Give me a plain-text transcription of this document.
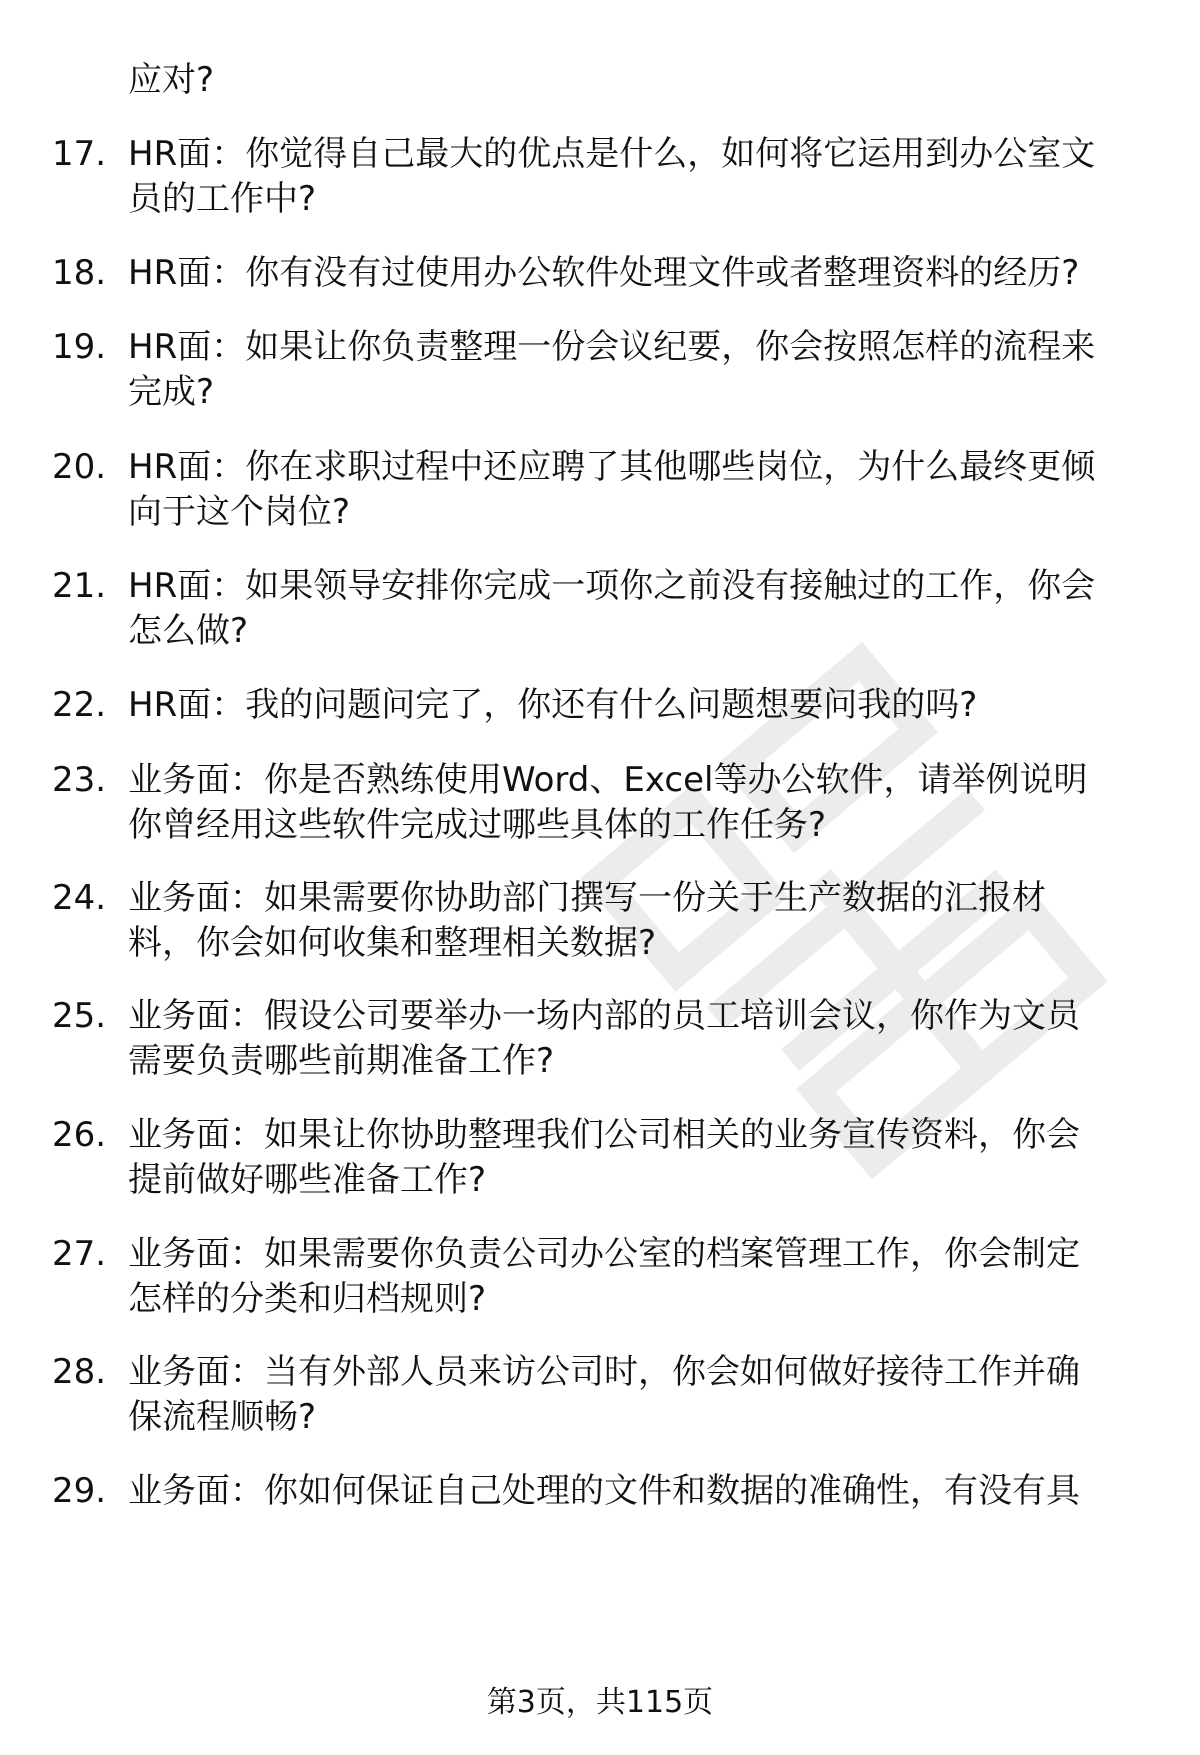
应对?
17. HR面：你觉得自己最大的优点是什么，如何将它运用到办公室文
员的工作中?
18. HR面：你有没有过使用办公软件处理文件或者整理资料的经历?
19. HR面：如果让你负责整理一份会议纪要，你会按照怎样的流程来
完成?
20. HR面：你在求职过程中还应聘了其他哪些岗位，为什么最终更倾
向于这个岗位?
21. HR面：如果领导安排你完成一项你之前没有接触过的工作，你会
怎么做?
22. HR面：我的问题问完了，你还有什么问题想要问我的吗?
23. 业务面：你是否熟练使用Word、Excel等办公软件，请举例说明
你曾经用这些软件完成过哪些具体的工作任务?
24. 业务面：如果需要你协助部门撰写一份关于生产数据的汇报材
料，你会如何收集和整理相关数据?
25. 业务面：假设公司要举办一场内部的员工培训会议，你作为文员
需要负责哪些前期准备工作?
26. 业务面：如果让你协助整理我们公司相关的业务宣传资料，你会
提前做好哪些准备工作?
27. 业务面：如果需要你负责公司办公室的档案管理工作，你会制定
怎样的分类和归档规则?
28. 业务面：当有外部人员来访公司时，你会如何做好接待工作并确
保流程顺畅?
29. 业务面：你如何保证自己处理的文件和数据的准确性，有没有具
第3页，共115页
